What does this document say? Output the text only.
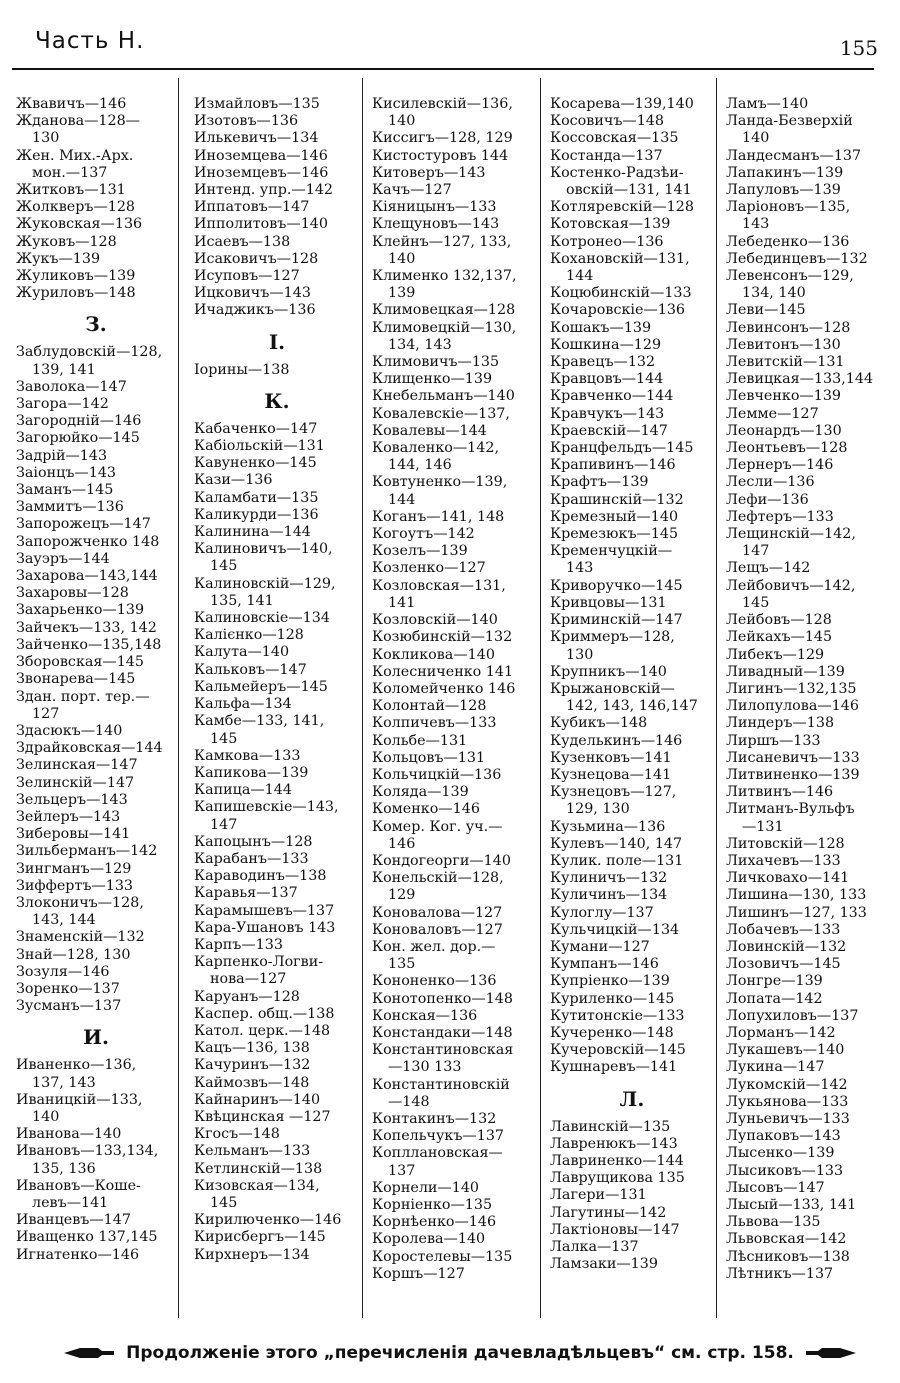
Часть Н.	155
Жвавичъ—146
Жданова—128—
130
Жен. Мих.-Арх.
мон.—137
Житковъ—131
Жолкверъ—128
Жуковская—136
Жуковъ—128
Жукъ—139
Жуликовъ—139
Журиловъ—148
З.
Заблудовскій—128,
139, 141
Заволока—147
Загора—142
Загородній—146
Загорюйко—145
Задрій—143
Заіонцъ—143
Заманъ—145
Заммитъ—136
Запорожецъ—147
Запорожченко 148
Зауэръ—144
Захарова—143,144
Захаровы—128
Захарьенко—139
Зайчекъ—133, 142
Зайченко—135,148
Зборовская—145
Звонарева—145
Здан. порт. тер.—
127
Здасюкъ—140
Здрайковская—144
Зелинская—147
Зелинскій—147
Зельцеръ—143
Зейлеръ—143
Зиберовы—141
Зильберманъ—142
Зингманъ—129
Зиффертъ—133
Злоконичъ—128,
143, 144
Знаменскій—132
Знай—128, 130
Зозуля—146
Зоренко—137
Зусманъ—137
И.
Иваненко—136,
137, 143
Иваницкій—133,
140
Иванова—140
Ивановъ—133,134,
135, 136
Ивановъ—Коше-
левъ—141
Иванцевъ—147
Иващенко 137,145
Игнатенко—146
Измайловъ—135
Изотовъ—136
Илькевичъ—134
Иноземцева—146
Иноземцевъ—146
Интенд. упр.—142
Иппатовъ—147
Ипполитовъ—140
Исаевъ—138
Исаковичъ—128
Исуповъ—127
Ицковичъ—143
Ичаджикъ—136
І.
Іорины—138
К.
Кабаченко—147
Кабіольскій—131
Кавуненко—145
Кази—136
Каламбати—135
Каликурди—136
Калинина—144
Калиновичъ—140,
145
Калиновскій—129,
135, 141
Калиновскіе—134
Калієнко—128
Калута—140
Кальковъ—147
Кальмейеръ—145
Кальфа—134
Камбе—133, 141,
145
Камкова—133
Капикова—139
Капица—144
Капишевскіе—143,
147
Капоцынъ—128
Карабанъ—133
Караводинъ—138
Каравья—137
Карамышевъ—137
Кара-Ушановъ 143
Карпъ—133
Карпенко-Логви-
нова—127
Каруанъ—128
Каспер. общ.—138
Катол. церк.—148
Кацъ—136, 138
Качуринъ—132
Каймозвъ—148
Кайнаринъ—140
Квѣцинская —127
Кгосъ—148
Кельманъ—133
Кетлинскій—138
Кизовская—134,
145
Кирилюченко—146
Кирисбергъ—145
Кирхнеръ—134
Кисилевскій—136,
140
Киссигъ—128, 129
Кистостуровъ 144
Китоверъ—143
Качъ—127
Кіяницынъ—133
Клещуновъ—143
Клейнъ—127, 133,
140
Клименко 132,137,
139
Климовецкая—128
Климовецкій—130,
134, 143
Климовичъ—135
Клищенко—139
Кнебельманъ—140
Ковалевскіе—137,
Ковалевы—144
Коваленко—142,
144, 146
Ковтуненко—139,
144
Коганъ—141, 148
Когоутъ—142
Козелъ—139
Козленко—127
Козловская—131,
141
Козловскій—140
Козюбинскій—132
Кокликова—140
Колесниченко 141
Коломейченко 146
Колонтай—128
Колпичевъ—133
Кольбе—131
Кольцовъ—131
Кольчицкій—136
Колядa—139
Коменко—146
Комер. Ког. уч.—
146
Кондогеорги—140
Конельскій—128,
129
Коновалова—127
Коноваловъ—127
Кон. жел. дор.—
135
Кононенко—136
Конотопенко—148
Конская—136
Констандаки—148
Константиновская
—130 133
Константиновскій
—148
Контакинъ—132
Копельчукъ—137
Копллановская—
137
Корнели—140
Корніенко—135
Корнѣенко—146
Королева—140
Коростелевы—135
Коршъ—127
Косарева—139,140
Косовичъ—148
Коссовская—135
Костанда—137
Костенко-Радзѣи-
овскій—131, 141
Котляревскій—128
Котовская—139
Котронео—136
Кохановскій—131,
144
Коцюбинскій—133
Кочаровскіе—136
Кошакъ—139
Кошкина—129
Кравецъ—132
Кравцовъ—144
Кравченко—144
Кравчукъ—143
Краевскій—147
Кранцфельдъ—145
Крапивинъ—146
Крафтъ—139
Крашинскій—132
Кремезный—140
Кремезюкъ—145
Кременчуцкій—
143
Криворучко—145
Кривцовы—131
Криминскій—147
Криммеръ—128,
130
Крупникъ—140
Крыжановскій—
142, 143, 146,147
Кубикъ—148
Куделькинъ—146
Кузенковъ—141
Кузнецова—141
Кузнецовъ—127,
129, 130
Кузьмина—136
Кулевъ—140, 147
Кулик. поле—131
Кулиничъ—132
Куличинъ—134
Кулоглу—137
Кульчицкій—134
Кумани—127
Кумпанъ—146
Купріенко—139
Куриленко—145
Кутитонскіе—133
Кучеренко—148
Кучеровскій—145
Кушнаревъ—141
Л.
Лавинскій—135
Лавренюкъ—143
Лавриненко—144
Лаврущикова 135
Лагери—131
Лагутины—142
Лактіоновы—147
Лалка—137
Ламзаки—139
Ламъ—140
Ланда-Безверхій
140
Ландесманъ—137
Лапакинъ—139
Лапуловъ—139
Ларіоновъ—135,
143
Лебеденко—136
Лебединцевъ—132
Левенсонъ—129,
134, 140
Леви—145
Левинсонъ—128
Левитонъ—130
Левитскій—131
Левицкая—133,144
Левченко—139
Лемме—127
Леонардъ—130
Леонтьевъ—128
Лернеръ—146
Лесли—136
Лефи—136
Лефтеръ—133
Лещинскій—142,
147
Лещъ—142
Лейбовичъ—142,
145
Лейбовъ—128
Лейкахъ—145
Либекъ—129
Ливадный—139
Лигинъ—132,135
Лилопулова—146
Линдеръ—138
Лиршъ—133
Лисаневичъ—133
Литвиненко—139
Литвинъ—146
Литманъ-Вульфъ
—131
Литовскій—128
Лихачевъ—133
Личковахо—141
Лишина—130, 133
Лишинъ—127, 133
Лобачевъ—133
Ловинскій—132
Лозовичъ—145
Лонгре—139
Лопата—142
Лопухиловъ—137
Лорманъ—142
Лукашевъ—140
Лукина—147
Лукомскій—142
Лукьянова—133
Луньевичъ—133
Лупаковъ—143
Лысенко—139
Лысиковъ—133
Лысовъ—147
Лысый—133, 141
Львова—135
Львовская—142
Лѣсниковъ—138
Лѣтникъ—137
Продолженіе этого „перечисленія дачевладѣльцевъ“ см. стр. 158.
